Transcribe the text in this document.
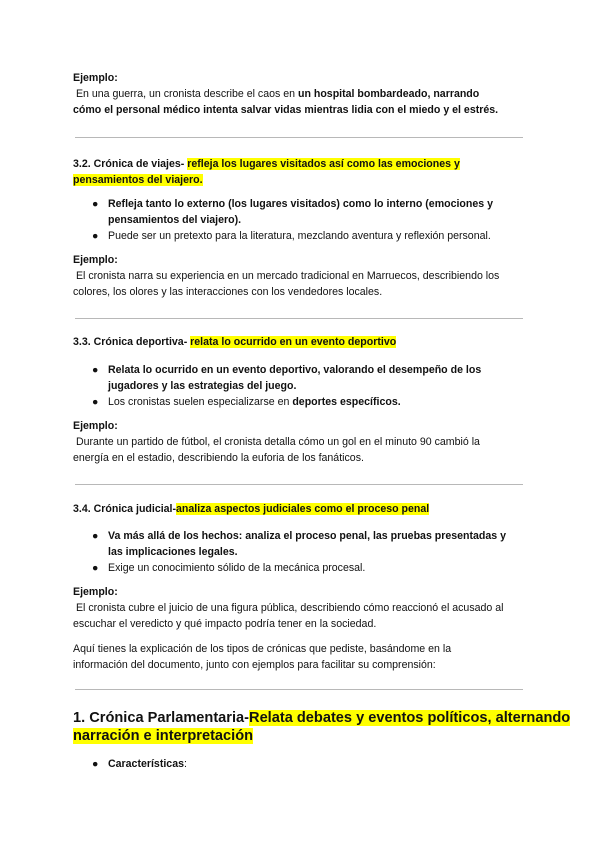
Ejemplo:
En una guerra, un cronista describe el caos en un hospital bombardeado, narrando
cómo el personal médico intenta salvar vidas mientras lidia con el miedo y el estrés.
3.2. Crónica de viajes- refleja los lugares visitados así como las emociones y
pensamientos del viajero.
● Refleja tanto lo externo (los lugares visitados) como lo interno (emociones y
pensamientos del viajero).
● Puede ser un pretexto para la literatura, mezclando aventura y reflexión personal.
Ejemplo:
El cronista narra su experiencia en un mercado tradicional en Marruecos, describiendo los
colores, los olores y las interacciones con los vendedores locales.
3.3. Crónica deportiva- relata lo ocurrido en un evento deportivo
● Relata lo ocurrido en un evento deportivo, valorando el desempeño de los
jugadores y las estrategias del juego.
● Los cronistas suelen especializarse en deportes específicos.
Ejemplo:
Durante un partido de fútbol, el cronista detalla cómo un gol en el minuto 90 cambió la
energía en el estadio, describiendo la euforia de los fanáticos.
3.4. Crónica judicial-analiza aspectos judiciales como el proceso penal
● Va más allá de los hechos: analiza el proceso penal, las pruebas presentadas y
las implicaciones legales.
● Exige un conocimiento sólido de la mecánica procesal.
Ejemplo:
El cronista cubre el juicio de una figura pública, describiendo cómo reaccionó el acusado al
escuchar el veredicto y qué impacto podría tener en la sociedad.
Aquí tienes la explicación de los tipos de crónicas que pediste, basándome en la
información del documento, junto con ejemplos para facilitar su comprensión:
1. Crónica Parlamentaria-Relata debates y eventos políticos, alternando
narración e interpretación
● Características:
